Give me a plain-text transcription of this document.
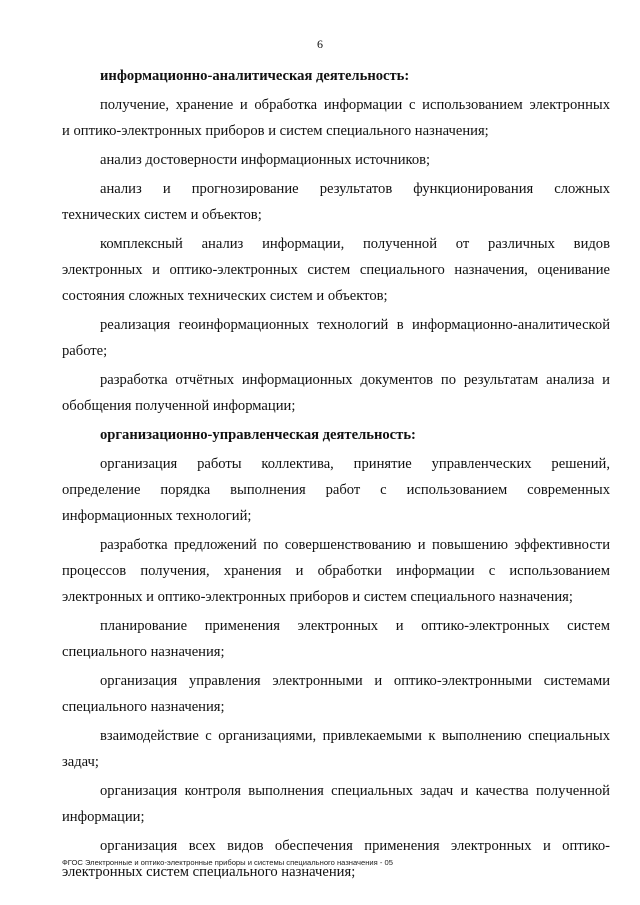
6
информационно-аналитическая деятельность:
получение, хранение и обработка информации с использованием электронных
и оптико-электронных приборов и систем специального назначения;
анализ достоверности информационных источников;
анализ и прогнозирование результатов функционирования сложных
технических систем и объектов;
комплексный анализ информации, полученной от различных видов
электронных и оптико-электронных систем специального назначения, оценивание
состояния сложных технических систем и объектов;
реализация геоинформационных технологий в информационно-аналитической
работе;
разработка отчётных информационных документов по результатам анализа и
обобщения полученной информации;
организационно-управленческая деятельность:
организация работы коллектива, принятие управленческих решений,
определение порядка выполнения работ с использованием современных
информационных технологий;
разработка предложений по совершенствованию и повышению эффективности
процессов получения, хранения и обработки информации с использованием
электронных и оптико-электронных приборов и систем специального назначения;
планирование применения электронных и оптико-электронных систем
специального назначения;
организация управления электронными и оптико-электронными системами
специального назначения;
взаимодействие с организациями, привлекаемыми к выполнению специальных
задач;
организация контроля выполнения специальных задач и качества полученной
информации;
организация всех видов обеспечения применения электронных и оптико-
электронных систем специального назначения;
ФГОС Электронные и оптико-электронные приборы и системы специального назначения - 05
